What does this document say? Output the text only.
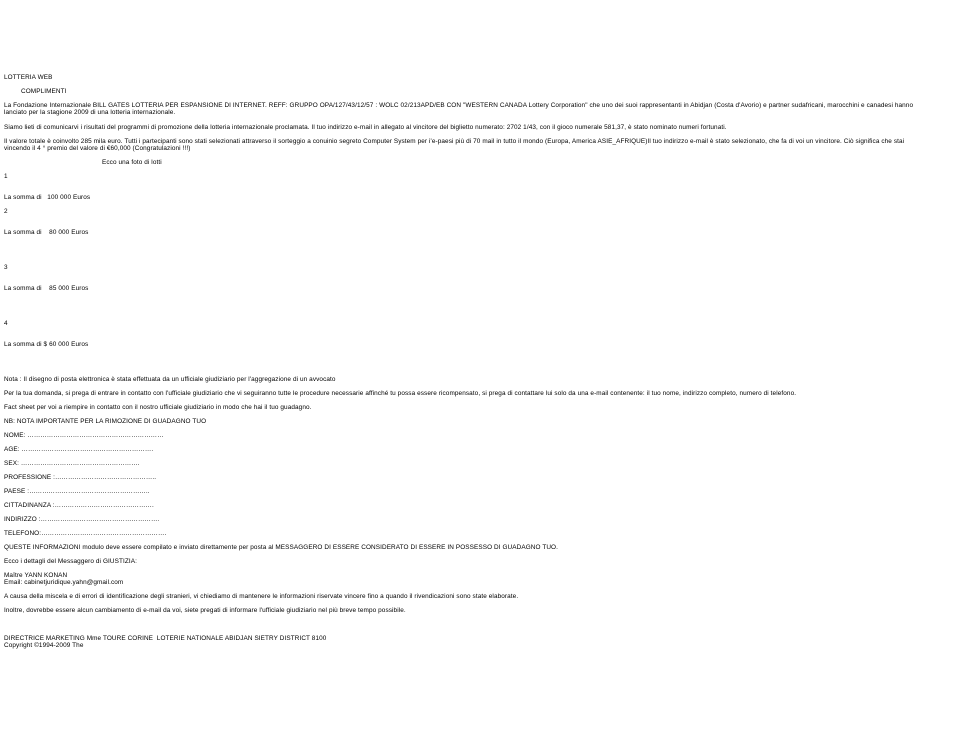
LOTTERIA WEB
COMPLIMENTI
La Fondazione Internazionale BILL GATES LOTTERIA PER ESPANSIONE DI INTERNET. REFF: GRUPPO OPA/127/43/12/57 : WOLC 02/213APD/EB CON "WESTERN CANADA Lottery Corporation" che uno dei suoi rappresentanti in Abidjan (Costa d'Avorio) e partner sudafricani, marocchini e canadesi hanno lanciato per la stagione 2009 di una lotteria internazionale.
Siamo lieti di comunicarvi i risultati del programmi di promozione della lotteria internazionale proclamata. Il tuo indirizzo e-mail in allegato al vincitore del biglietto numerato: 2702 1/43, con il gioco numerale 581,37, è stato nominato numeri fortunati.
Il valore totale è coinvolto 285 mila euro. Tutti i partecipanti sono stati selezionati attraverso il sorteggio a conuinio segreto Computer System per i'e-paesi più di 70 mail in tutto il mondo (Europa, America ASIE_AFRIQUE)Il tuo indirizzo e-mail è stato selezionato, che fa di voi un vincitore. Ciò significa che stai vincendo il 4 ° premio del valore di €60,000 (Congratulazioni !!!)
Ecco una foto di lotti
1
La somma di   100 000 Euros
2
La somma di    80 000 Euros
3
La somma di    85 000 Euros
4
La somma di $ 60 000 Euros
Nota : Il disegno di posta elettronica è stata effettuata da un ufficiale giudiziario per l'aggregazione di un avvocato
Per la tua domanda, si prega di entrare in contatto con l'ufficiale giudiziario che vi seguiranno tutte le procedure necessarie affinché tu possa essere ricompensato, si prega di contattare lui solo da una e-mail contenente: il tuo nome, indirizzo completo, numero di telefono.
Fact sheet per voi a riempire in contatto con il nostro ufficiale giudiziario in modo che hai il tuo guadagno.
NB: NOTA IMPORTANTE PER LA RIMOZIONE DI GUADAGNO TUO
NOME: ………………………………………………………
AGE: …………………………………………………….
SEX: ……………………………………………….
PROFESSIONE :………………………………………..
PAESE :………………………………………………..
CITTADINANZA :……………………………………….
INDIRIZZO :……………………………………………….
TELEFONO:………………………………………………….
QUESTE INFORMAZIONI modulo deve essere compilato e inviato direttamente per posta al MESSAGGERO DI ESSERE CONSIDERATO DI ESSERE IN POSSESSO DI GUADAGNO TUO.
Ecco i dettagli del Messaggero di GIUSTIZIA:
Maître YANN KONAN
Email: cabinetjuridique.yahn@gmail.com
A causa della miscela e di errori di identificazione degli stranieri, vi chiediamo di mantenere le informazioni riservate vincere fino a quando il rivendicazioni sono state elaborate.
Inoltre, dovrebbe essere alcun cambiamento di e-mail da voi, siete pregati di informare l'ufficiale giudiziario nel più breve tempo possibile.
DIRECTRICE MARKETING Mme TOURE CORINE  LOTERIE NATIONALE ABIDJAN SIETRY DISTRICT 8100
Copyright ©1994-2009 The
